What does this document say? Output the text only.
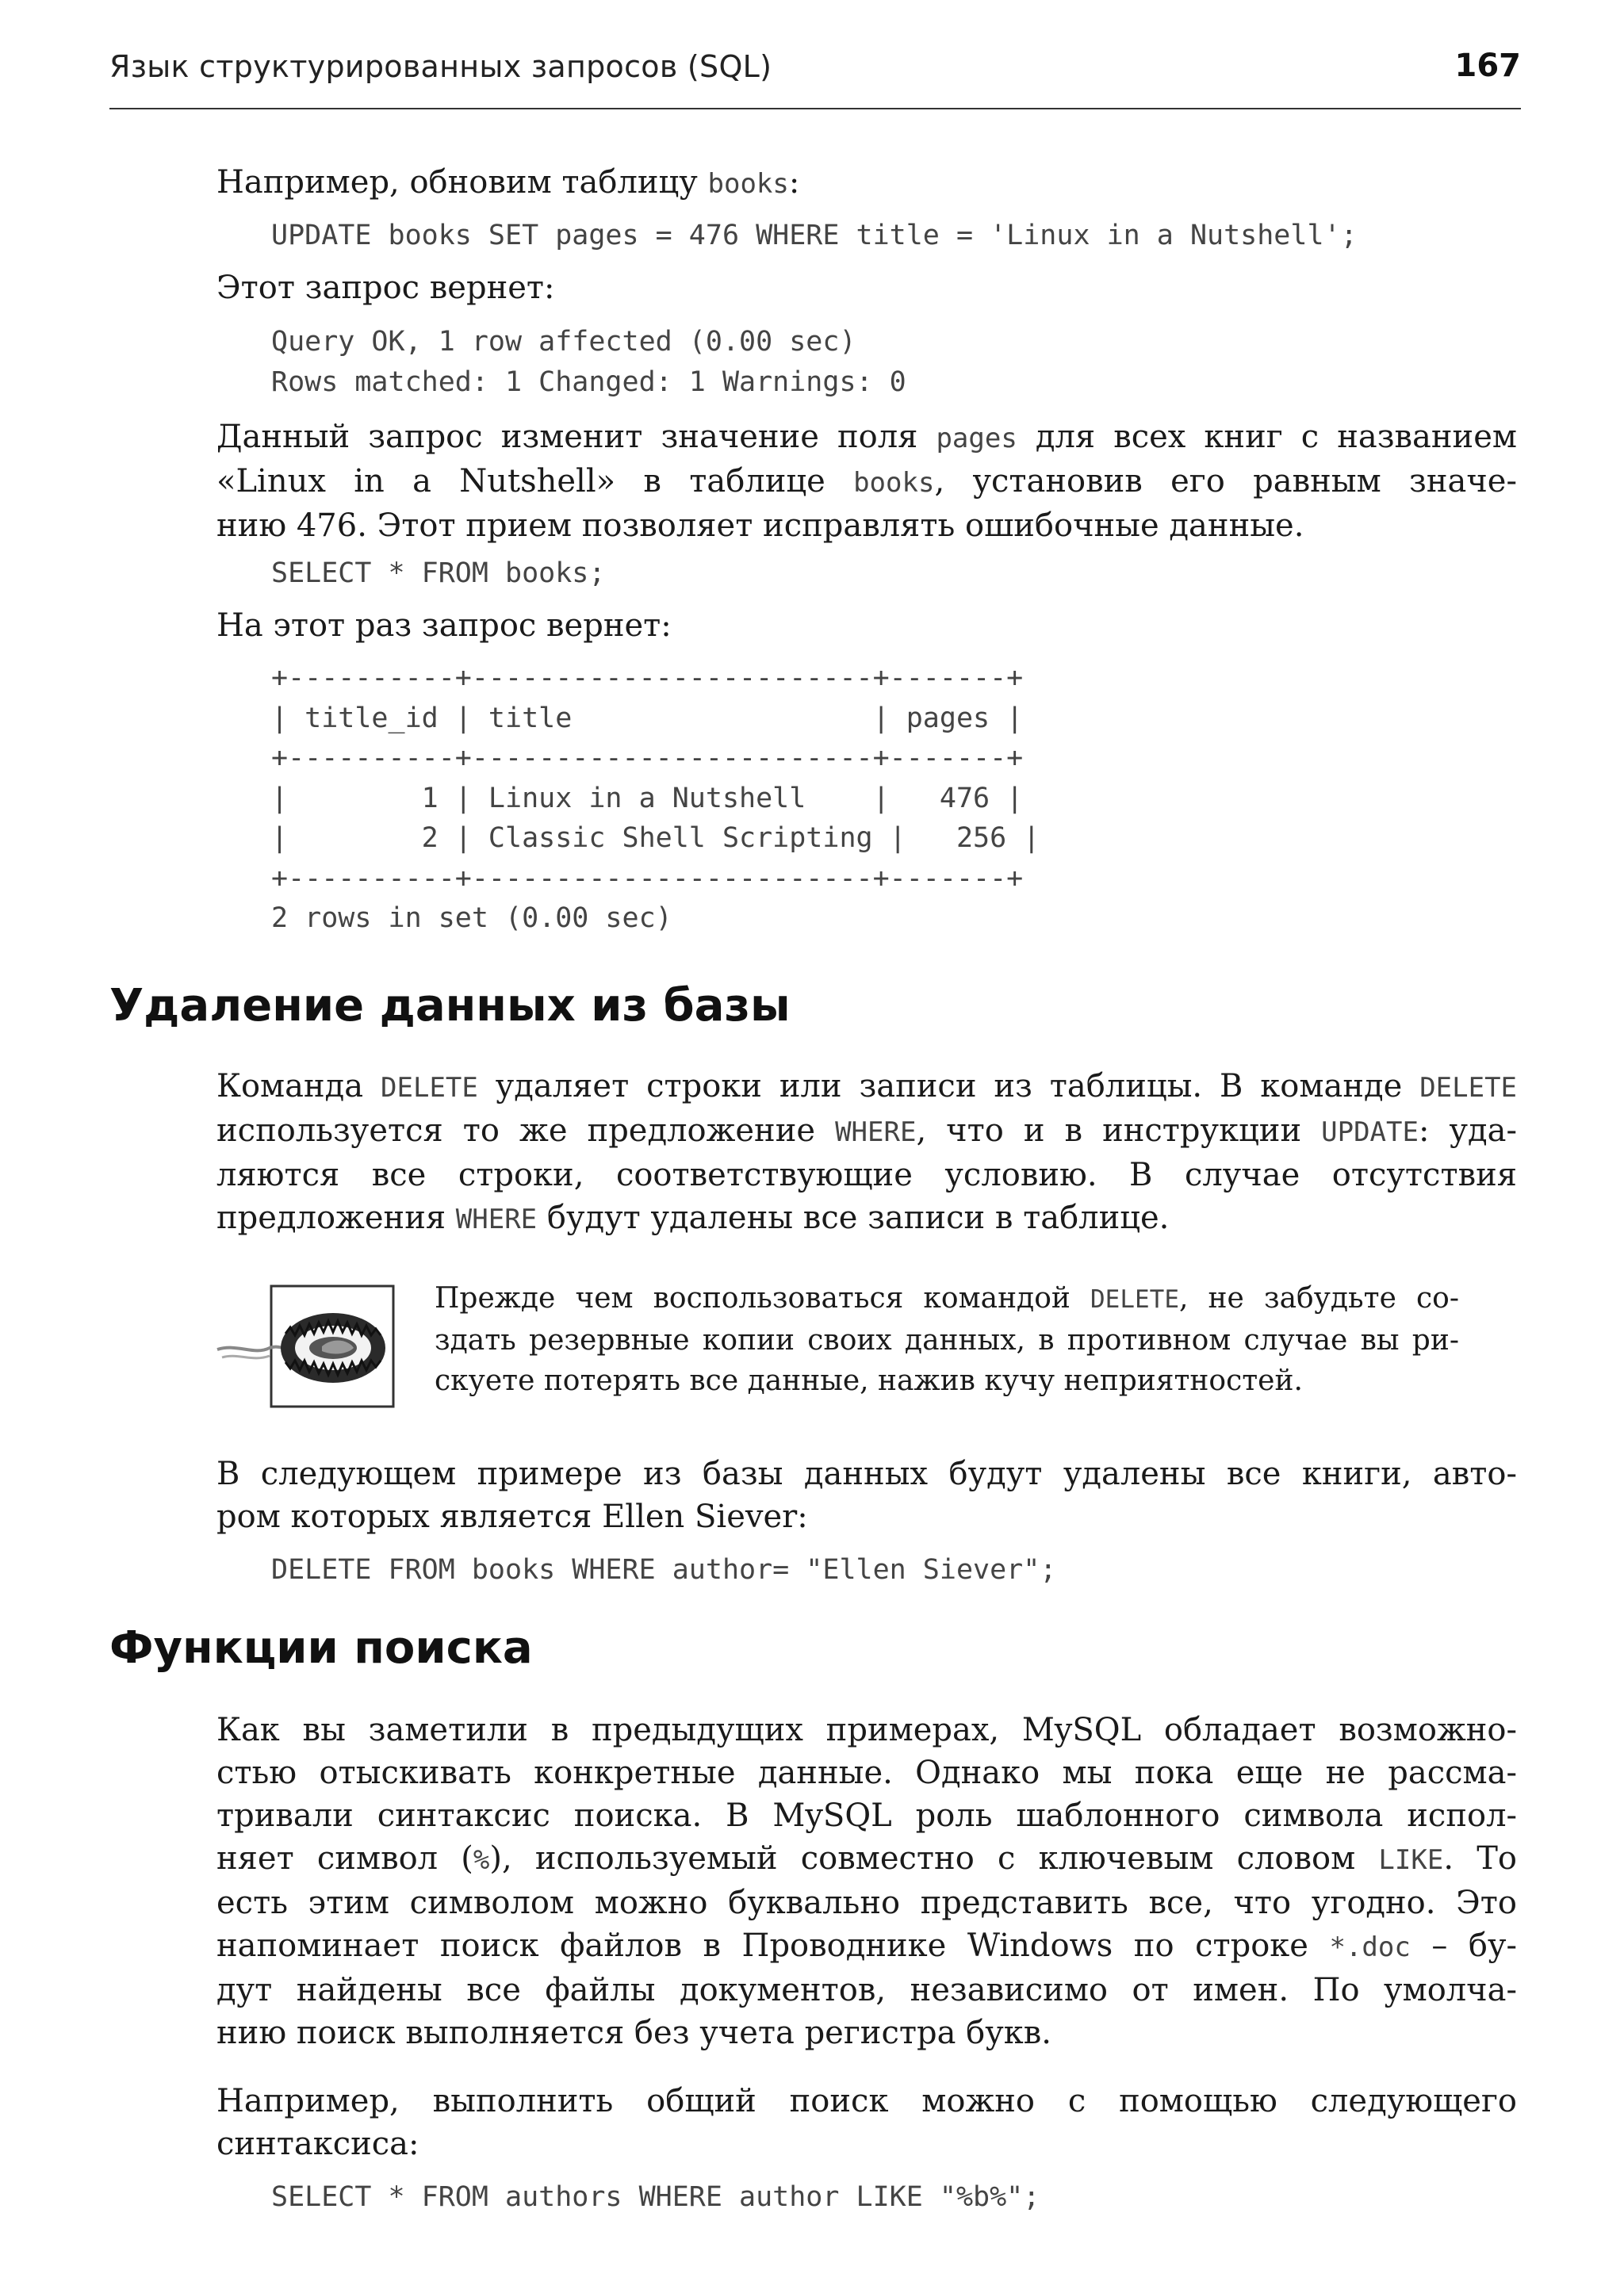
Язык структурированных запросов (SQL)	167

Например, обновим таблицу books:

UPDATE books SET pages = 476 WHERE title = 'Linux in a Nutshell';

Этот запрос вернет:

Query OK, 1 row affected (0.00 sec)
Rows matched: 1 Changed: 1 Warnings: 0

Данный запрос изменит значение поля pages для всех книг с названием
«Linux in a Nutshell» в таблице books, установив его равным значе-
нию 476. Этот прием позволяет исправлять ошибочные данные.

SELECT * FROM books;

На этот раз запрос вернет:

+----------+------------------------+-------+
| title_id | title                  | pages |
+----------+------------------------+-------+
|        1 | Linux in a Nutshell    |   476 |
|        2 | Classic Shell Scripting |   256 |
+----------+------------------------+-------+
2 rows in set (0.00 sec)
Удаление данных из базы

Команда DELETE удаляет строки или записи из таблицы. В команде DELETE
используется то же предложение WHERE, что и в инструкции UPDATE: уда-
ляются все строки, соответствующие условию. В случае отсутствия
предложения WHERE будут удалены все записи в таблице.

Прежде чем воспользоваться командой DELETE, не забудьте со-
здать резервные копии своих данных, в противном случае вы ри-
скуете потерять все данные, нажив кучу неприятностей.

В следующем примере из базы данных будут удалены все книги, авто-
ром которых является Ellen Siever:

DELETE FROM books WHERE author= "Ellen Siever";
Функции поиска

Как вы заметили в предыдущих примерах, MySQL обладает возможно-
стью отыскивать конкретные данные. Однако мы пока еще не рассма-
тривали синтаксис поиска. В MySQL роль шаблонного символа испол-
няет символ (%), используемый совместно с ключевым словом LIKE. То
есть этим символом можно буквально представить все, что угодно. Это
напоминает поиск файлов в Проводнике Windows по строке *.doc – бу-
дут найдены все файлы документов, независимо от имен. По умолча-
нию поиск выполняется без учета регистра букв.

Например, выполнить общий поиск можно с помощью следующего
синтаксиса:

SELECT * FROM authors WHERE author LIKE "%b%";
